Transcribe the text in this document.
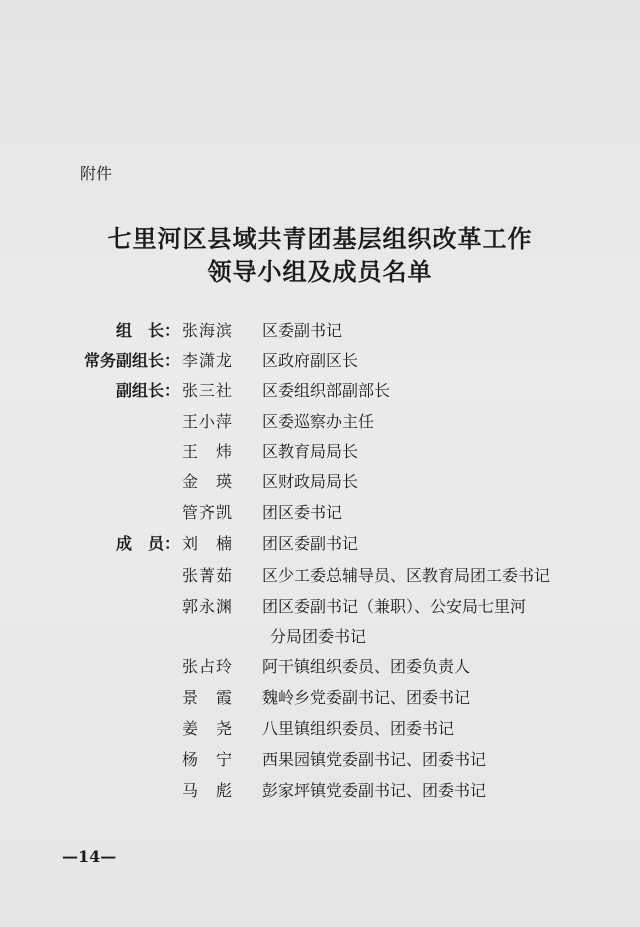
附件
七里河区县域共青团基层组织改革工作
领导小组及成员名单
组　长： 张海滨 区委副书记
常务副组长： 李潇龙 区政府副区长
副组长： 张三社 区委组织部副部长
王小萍 区委巡察办主任
王　炜 区教育局局长
金　瑛 区财政局局长
管齐凯 团区委书记
成　员： 刘　楠 团区委副书记
张菁茹 区少工委总辅导员、区教育局团工委书记
郭永渊 团区委副书记（兼职）、公安局七里河
分局团委书记
张占玲 阿干镇组织委员、团委负责人
景　霞 魏岭乡党委副书记、团委书记
姜　尧 八里镇组织委员、团委书记
杨　宁 西果园镇党委副书记、团委书记
马　彪 彭家坪镇党委副书记、团委书记
—14—
